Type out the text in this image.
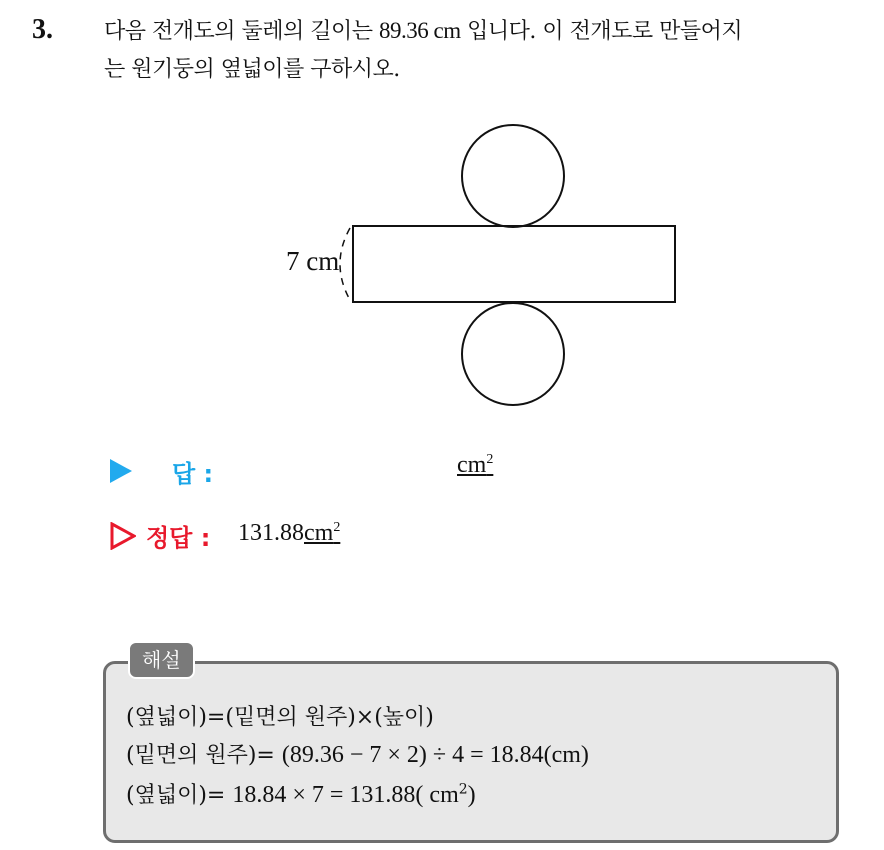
3. 다음 전개도의 둘레의 길이는 89.36 cm 입니다. 이 전개도로 만들어지
는 원기둥의 옆넓이를 구하시오.
7 cm
답 :	$cm^2$
정답 : $131.88cm^2$
해설
(옆넓이)=(밑면의 원주)×(높이)
(밑면의 원주)= (89.36 − 7 × 2) ÷ 4 = 18.84(cm)
(옆넓이)= 18.84 × 7 = 131.88( $cm^2$)
